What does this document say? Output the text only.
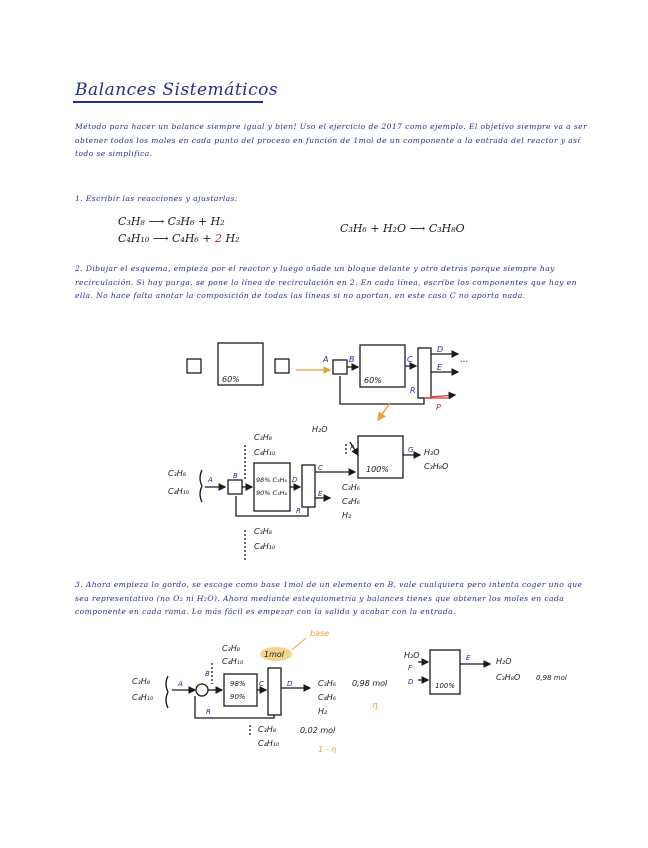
Balances Sistemáticos
Método para hacer un balance siempre igual y bien! Uso el ejercicio de 2017 como ejemplo. El objetivo siempre va a ser obtener todos los moles en cada punto del proceso en función de 1mol de un componente a la entrada del reactor y así todo se simplifica.
1. Escribir las reacciones y ajustarlas:
C₃H₈ ⟶ C₃H₆ + H₂
C₄H₁₀ ⟶ C₄H₆ + 2 H₂
C₃H₆ + H₂O ⟶ C₃H₈O
2. Dibujar el esquema, empieza por el reactor y luego añade un bloque delante y otro detrás porque siempre hay recirculación. Si hay purga, se pone la línea de recirculación en 2. En cada línea, escribe los componentes que hay en ella. No hace falta anotar la composición de todas las líneas si no aportan, en este caso C no aporta nada.
3. Ahora empieza lo gordo, se escoge como base 1mol de un elemento en B, vale cualquiera pero intenta coger uno que sea representativo (no O₂ ni H₂O). Ahora mediante estequiometría y balances tienes que obtener los moles en cada componente en cada rama. Lo más fácil es empezar con la salida y acabar con la entrada.
60%	60%
A	B	C
D
E
R
P
...
C₃H₈
C₄H₁₀
C₃H₈
C₄H₁₀
98% C₃H₆
90% C₄H₆
H₂O
100%
H₂O
C₃H₈O
C₃H₆
C₄H₆
H₂
C₃H₈
C₄H₁₀
A	B	D
C
E
F	G
R
C₃H₈
C₄H₁₀
C₃H₈
C₄H₁₀
1mol
base
98%
90%
C₃H₆
C₄H₆
H₂
0,98 mol
η
C₃H₈
C₄H₁₀
0,02 mol
1 - η
H₂O
F
D	100%
H₂O
C₃H₈O 0,98 mol
A
B
C	D
E
R
